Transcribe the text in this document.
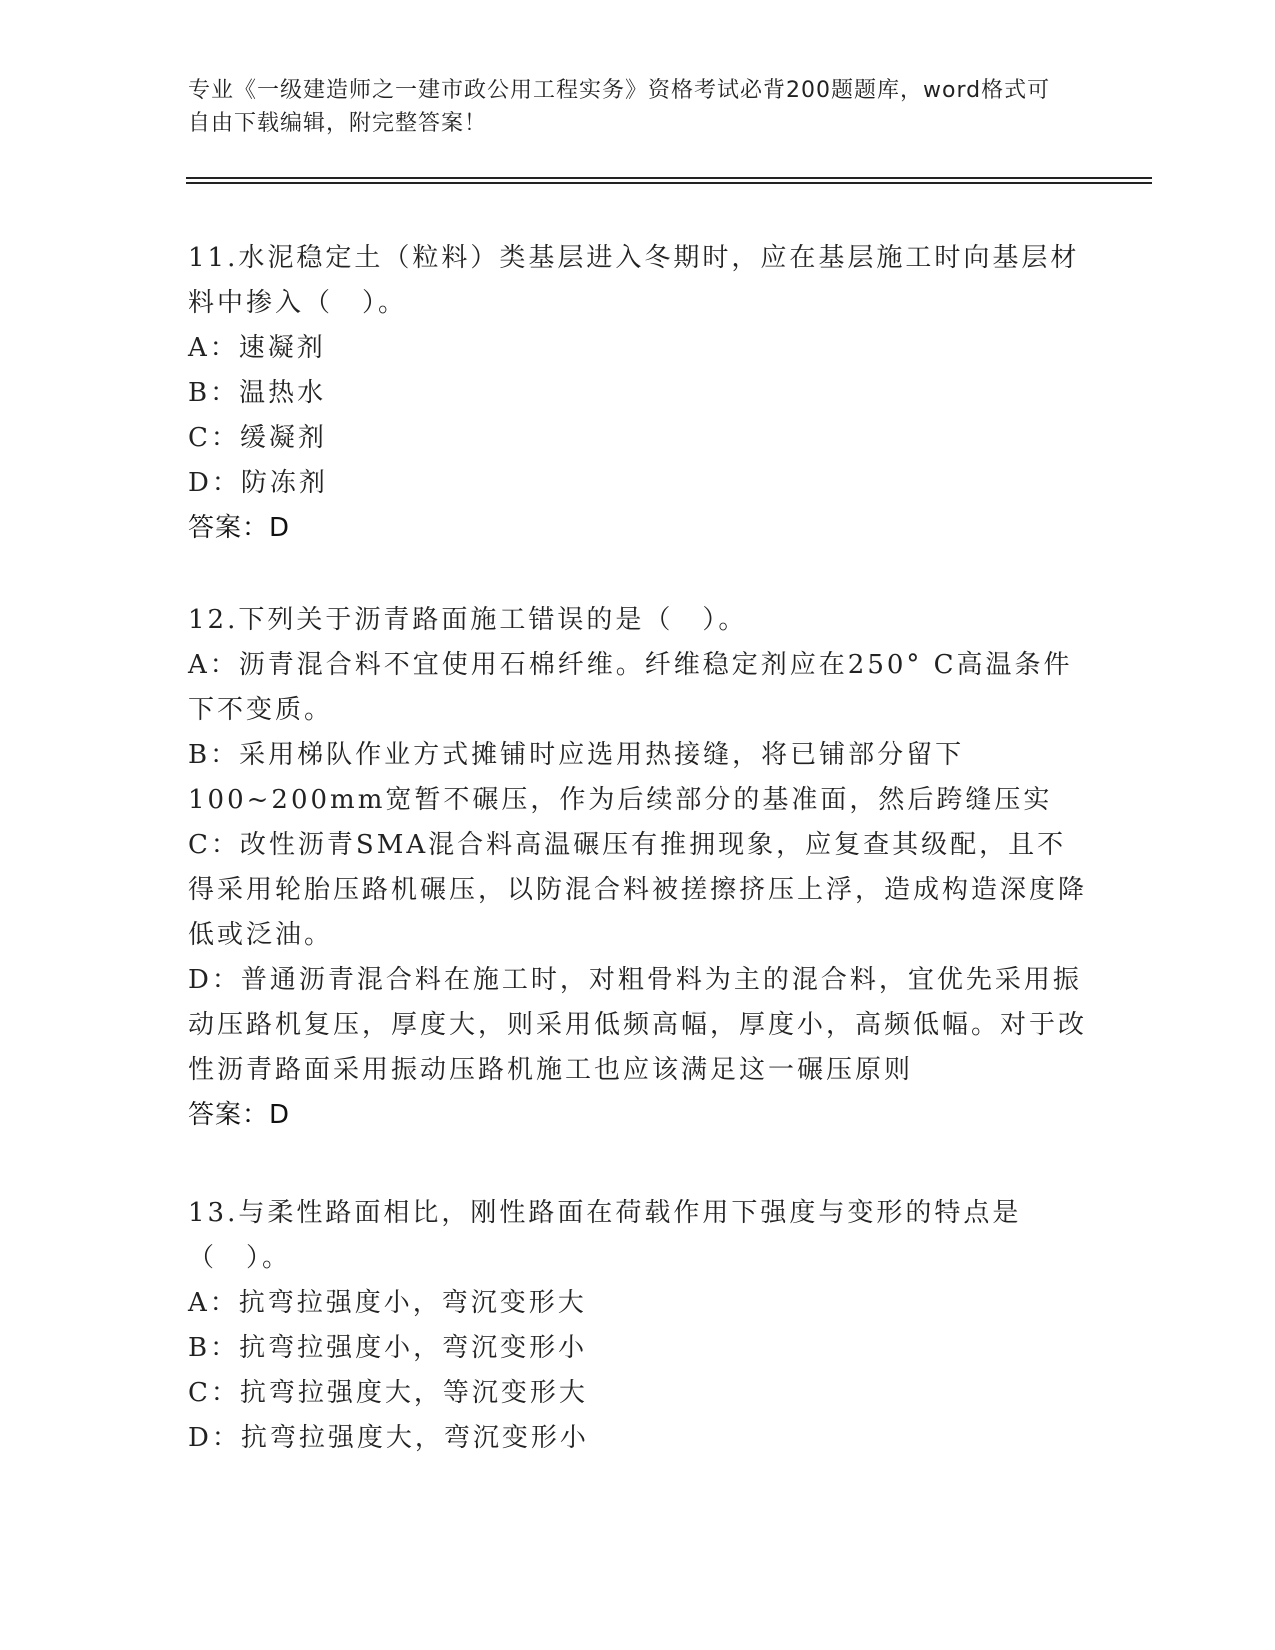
专业《一级建造师之一建市政公用工程实务》资格考试必背200题题库，word格式可自由下载编辑，附完整答案！
11.水泥稳定土（粒料）类基层进入冬期时，应在基层施工时向基层材料中掺入（　）。
A：速凝剂
B：温热水
C：缓凝剂
D：防冻剂
答案：D
12.下列关于沥青路面施工错误的是（　）。
A：沥青混合料不宜使用石棉纤维。纤维稳定剂应在250° C高温条件下不变质。
B：采用梯队作业方式摊铺时应选用热接缝，将已铺部分留下100~200mm宽暂不碾压，作为后续部分的基准面，然后跨缝压实
C：改性沥青SMA混合料高温碾压有推拥现象，应复查其级配，且不得采用轮胎压路机碾压，以防混合料被搓擦挤压上浮，造成构造深度降低或泛油。
D：普通沥青混合料在施工时，对粗骨料为主的混合料，宜优先采用振动压路机复压，厚度大，则采用低频高幅，厚度小，高频低幅。对于改性沥青路面采用振动压路机施工也应该满足这一碾压原则
答案：D
13.与柔性路面相比，刚性路面在荷载作用下强度与变形的特点是（　）。
A：抗弯拉强度小，弯沉变形大
B：抗弯拉强度小，弯沉变形小
C：抗弯拉强度大，等沉变形大
D：抗弯拉强度大，弯沉变形小
